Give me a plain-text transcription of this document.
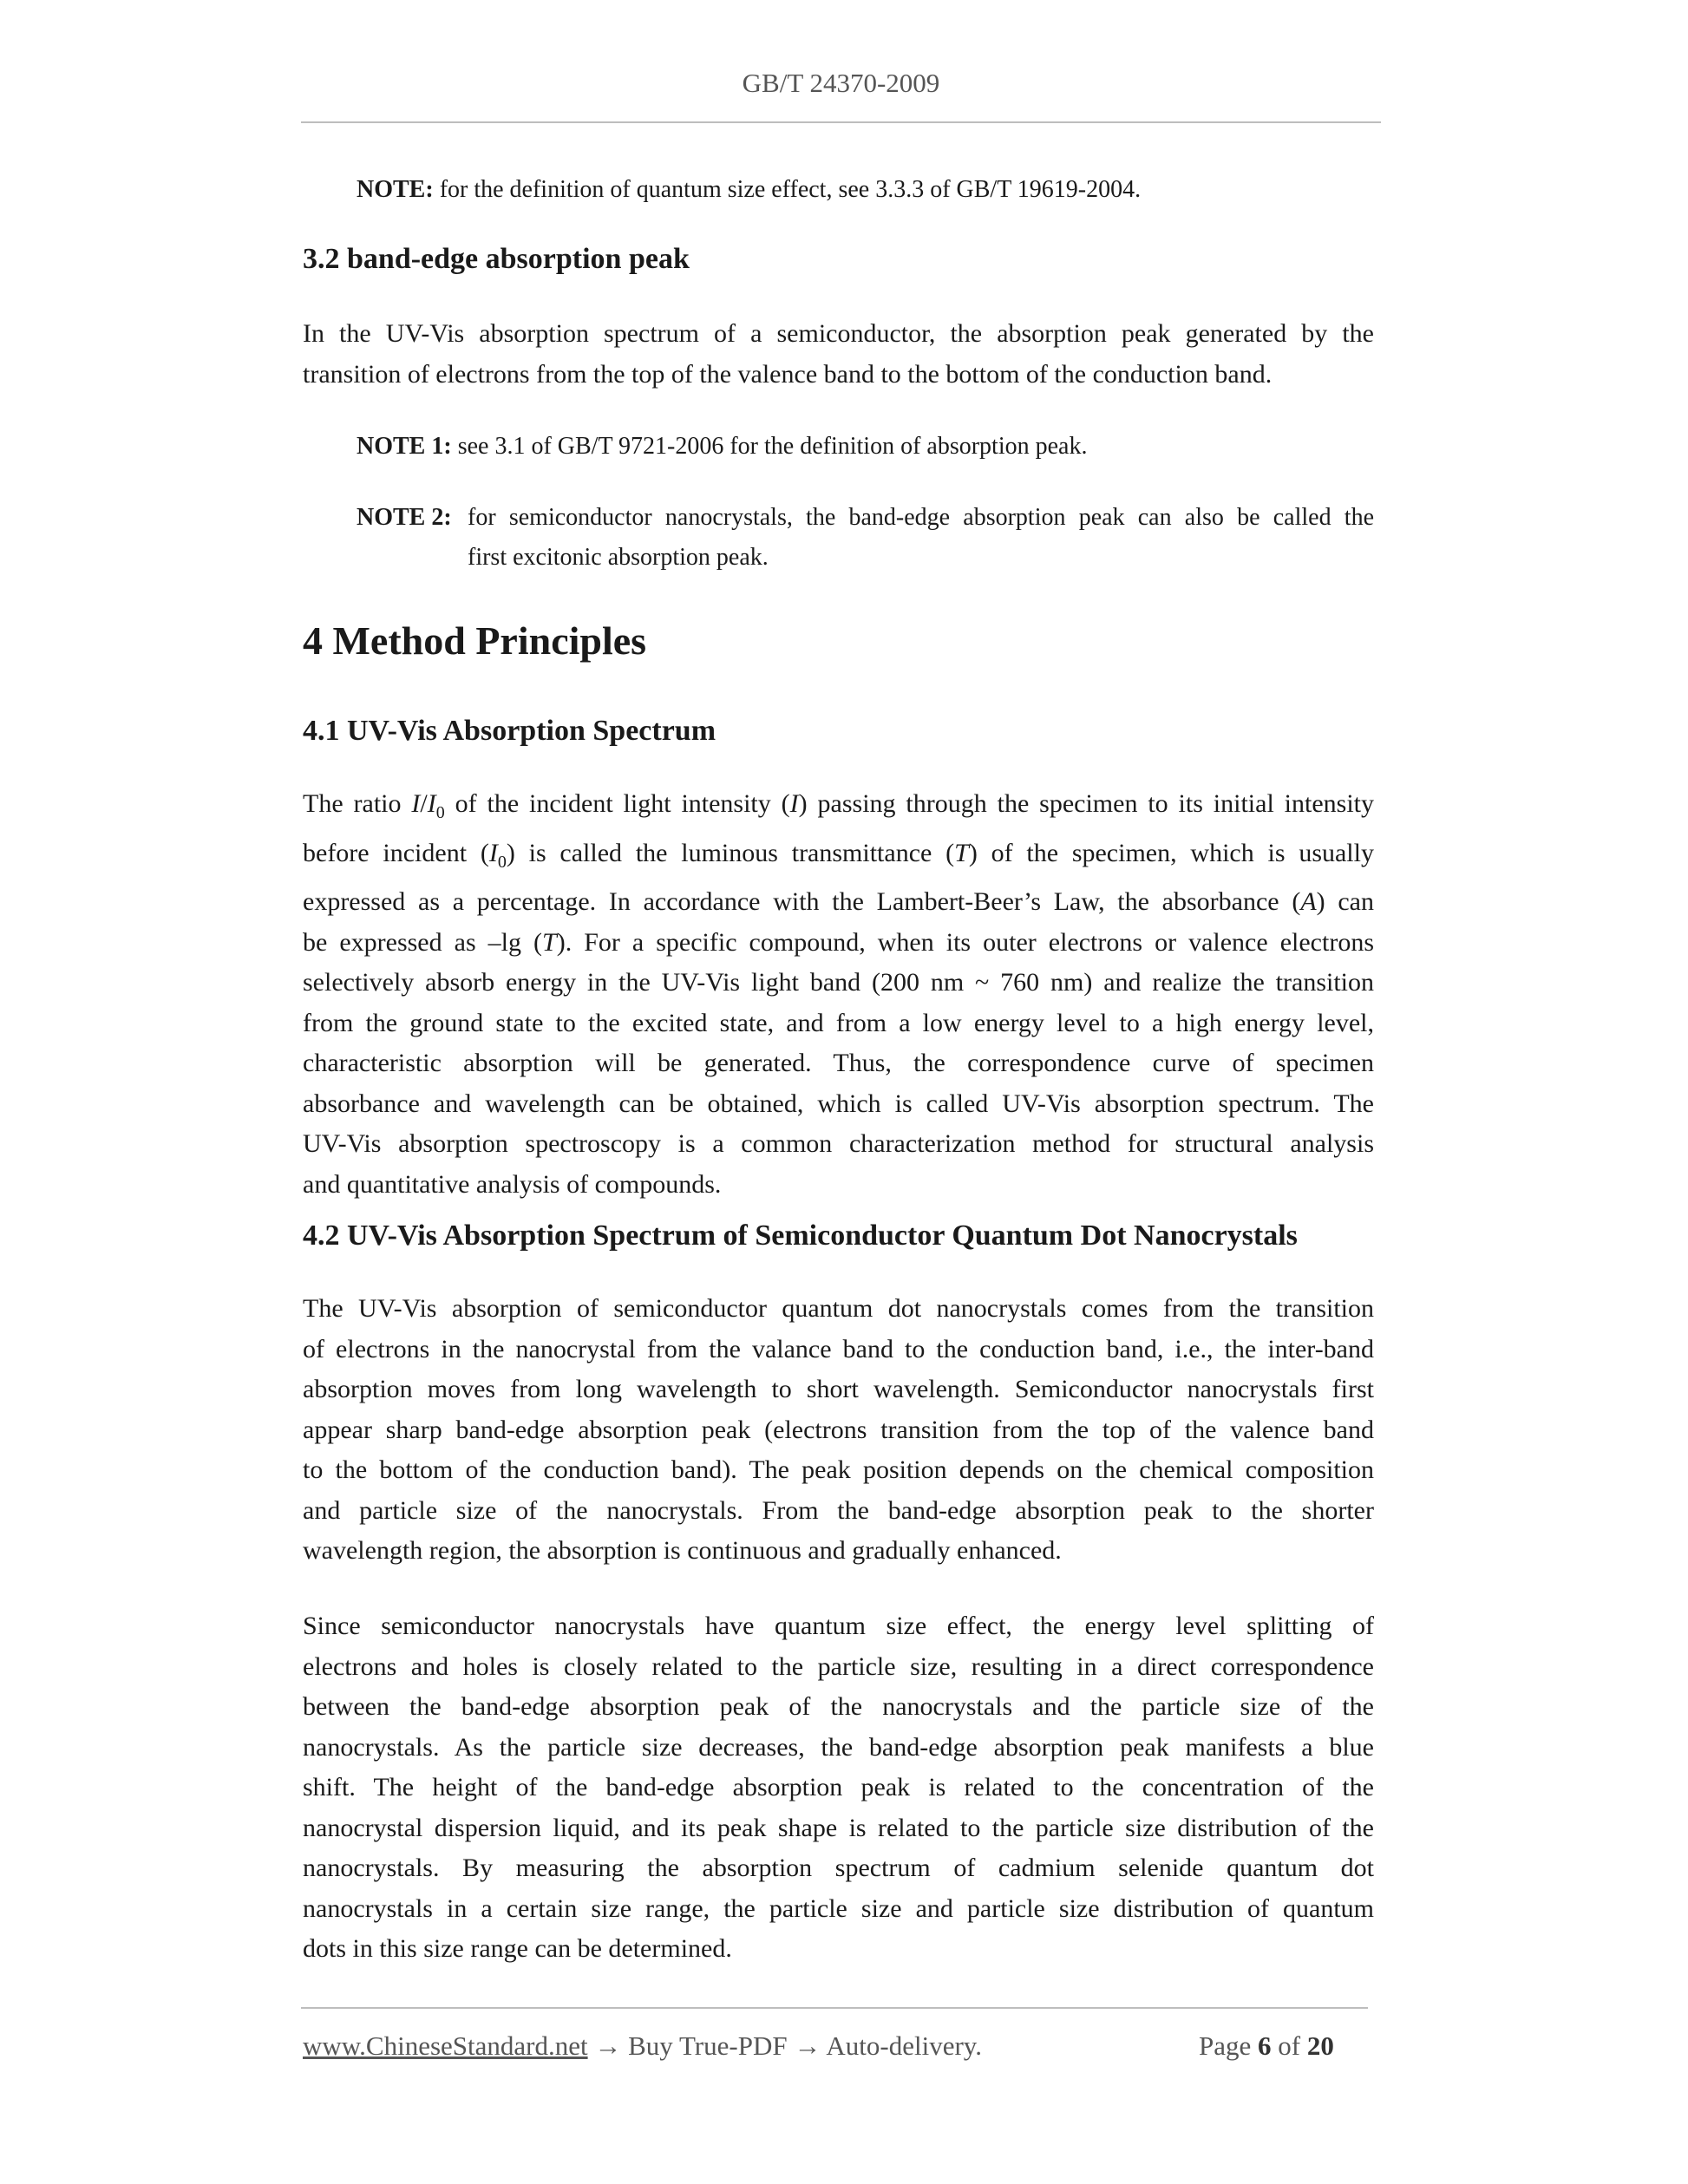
GB/T 24370-2009
NOTE: for the definition of quantum size effect, see 3.3.3 of GB/T 19619-2004.
3.2 band-edge absorption peak
In the UV-Vis absorption spectrum of a semiconductor, the absorption peak generated by the
transition of electrons from the top of the valence band to the bottom of the conduction band.
NOTE 1: see 3.1 of GB/T 9721-2006 for the definition of absorption peak.
NOTE 2: for semiconductor nanocrystals, the band-edge absorption peak can also be called the
first excitonic absorption peak.
4 Method Principles
4.1 UV-Vis Absorption Spectrum
The ratio $I/I_0$ of the incident light intensity (I) passing through the specimen to its initial intensity
before incident $(I_0)$ is called the luminous transmittance (T) of the specimen, which is usually
expressed as a percentage. In accordance with the Lambert-Beer’s Law, the absorbance (A) can
be expressed as –lg (T). For a specific compound, when its outer electrons or valence electrons
selectively absorb energy in the UV-Vis light band (200 nm ~ 760 nm) and realize the transition
from the ground state to the excited state, and from a low energy level to a high energy level,
characteristic absorption will be generated. Thus, the correspondence curve of specimen
absorbance and wavelength can be obtained, which is called UV-Vis absorption spectrum. The
UV-Vis absorption spectroscopy is a common characterization method for structural analysis
and quantitative analysis of compounds.
4.2 UV-Vis Absorption Spectrum of Semiconductor Quantum Dot Nanocrystals
The UV-Vis absorption of semiconductor quantum dot nanocrystals comes from the transition
of electrons in the nanocrystal from the valance band to the conduction band, i.e., the inter-band
absorption moves from long wavelength to short wavelength. Semiconductor nanocrystals first
appear sharp band-edge absorption peak (electrons transition from the top of the valence band
to the bottom of the conduction band). The peak position depends on the chemical composition
and particle size of the nanocrystals. From the band-edge absorption peak to the shorter
wavelength region, the absorption is continuous and gradually enhanced.
Since semiconductor nanocrystals have quantum size effect, the energy level splitting of
electrons and holes is closely related to the particle size, resulting in a direct correspondence
between the band-edge absorption peak of the nanocrystals and the particle size of the
nanocrystals. As the particle size decreases, the band-edge absorption peak manifests a blue
shift. The height of the band-edge absorption peak is related to the concentration of the
nanocrystal dispersion liquid, and its peak shape is related to the particle size distribution of the
nanocrystals. By measuring the absorption spectrum of cadmium selenide quantum dot
nanocrystals in a certain size range, the particle size and particle size distribution of quantum
dots in this size range can be determined.
www.ChineseStandard.net → Buy True-PDF → Auto-delivery.	Page 6 of 20
